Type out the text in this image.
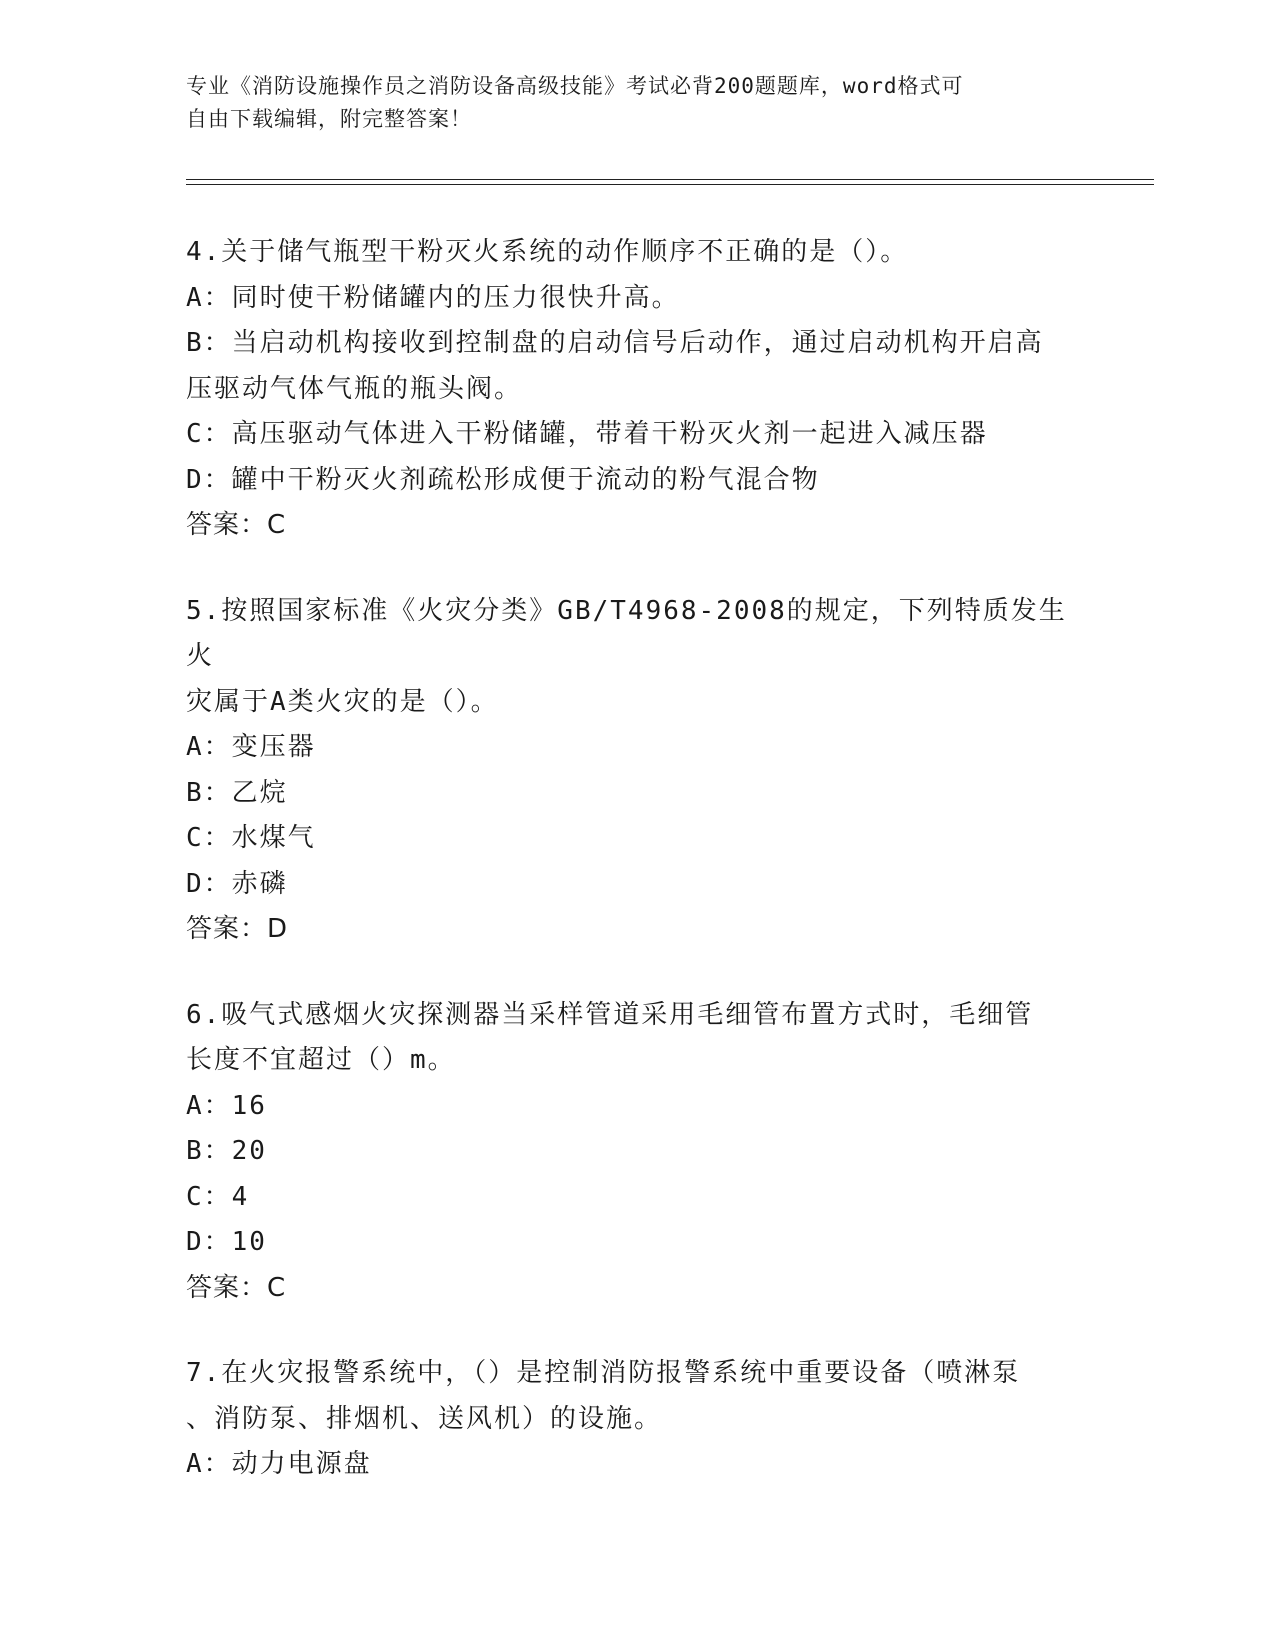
专业《消防设施操作员之消防设备高级技能》考试必背200题题库，word格式可
自由下载编辑，附完整答案！
4.关于储气瓶型干粉灭火系统的动作顺序不正确的是（）。
A：同时使干粉储罐内的压力很快升高。
B：当启动机构接收到控制盘的启动信号后动作，通过启动机构开启高
压驱动气体气瓶的瓶头阀。
C：高压驱动气体进入干粉储罐，带着干粉灭火剂一起进入减压器
D：罐中干粉灭火剂疏松形成便于流动的粉气混合物
答案：C
5.按照国家标准《火灾分类》GB/T4968-2008的规定，下列特质发生火
灾属于A类火灾的是（）。
A：变压器
B：乙烷
C：水煤气
D：赤磷
答案：D
6.吸气式感烟火灾探测器当采样管道采用毛细管布置方式时，毛细管
长度不宜超过（）m。
A：16
B：20
C：4
D：10
答案：C
7.在火灾报警系统中，（）是控制消防报警系统中重要设备（喷淋泵
、消防泵、排烟机、送风机）的设施。
A：动力电源盘
